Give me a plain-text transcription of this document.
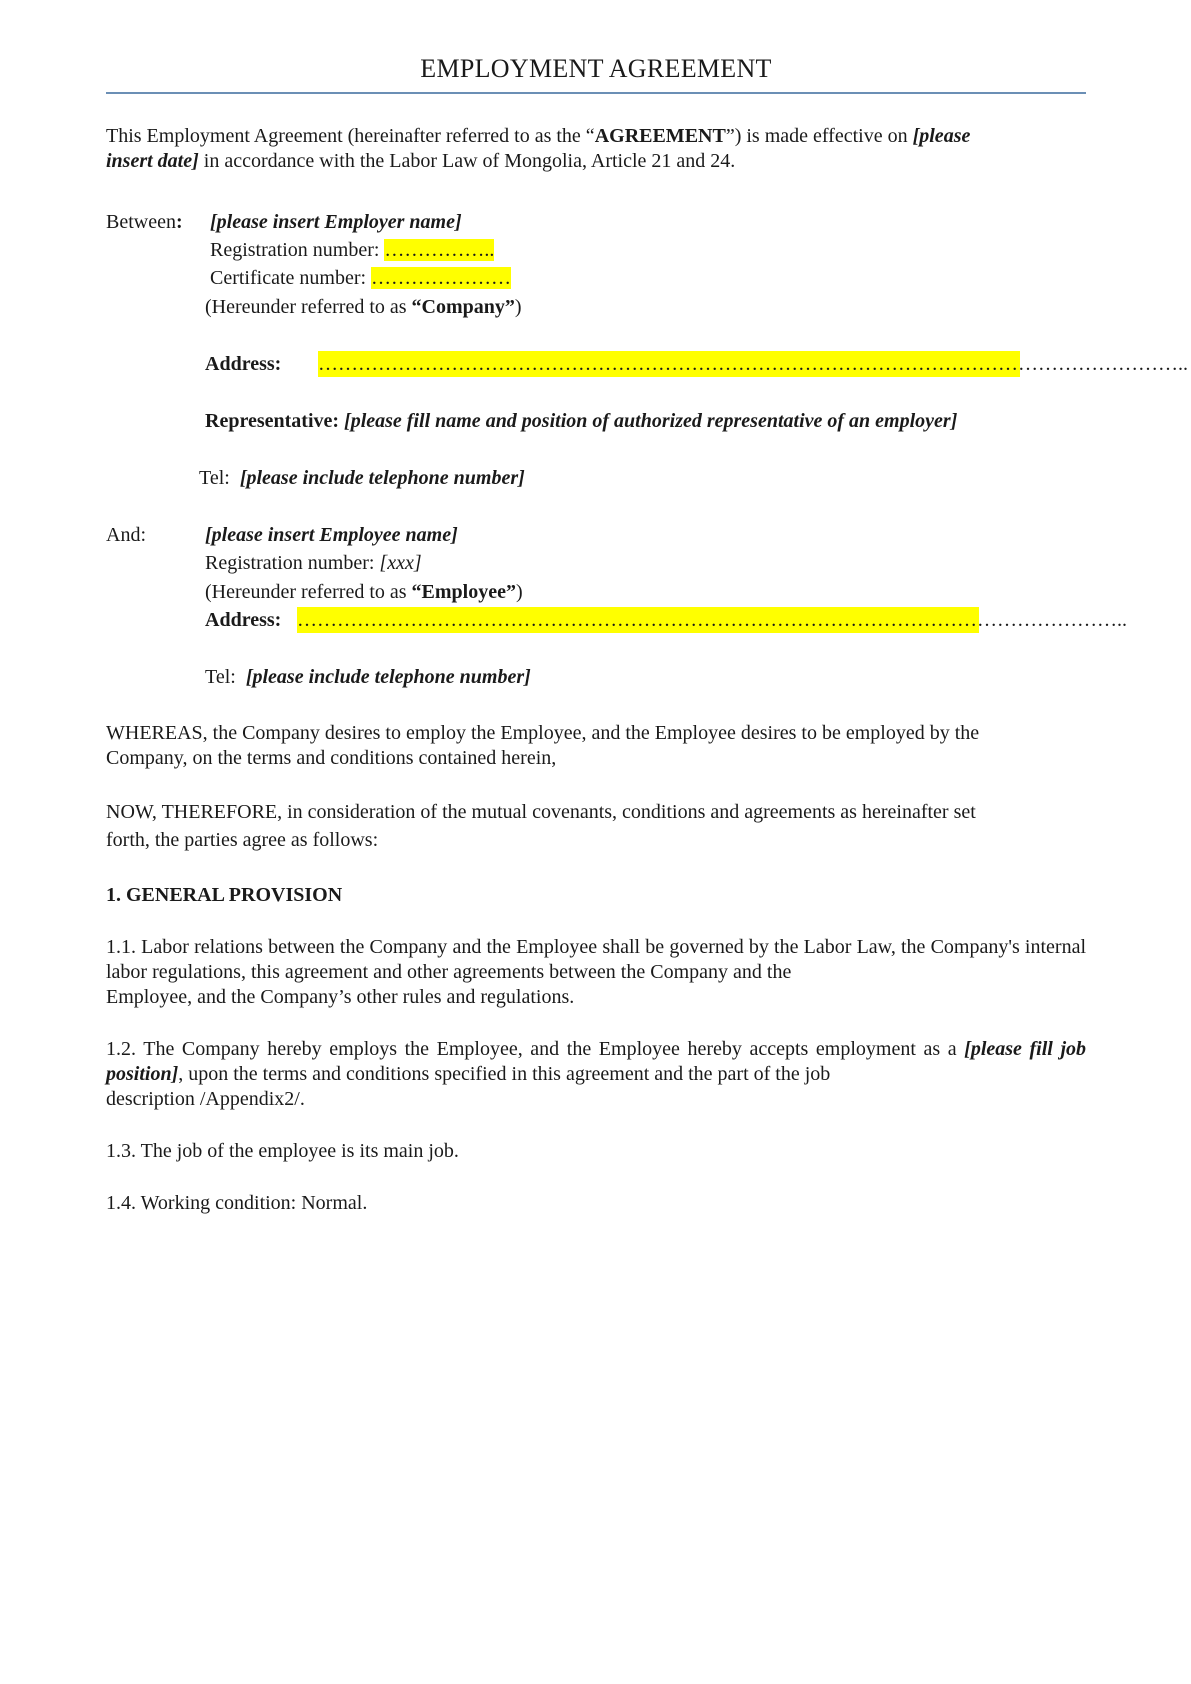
EMPLOYMENT AGREEMENT
This Employment Agreement (hereinafter referred to as the “AGREEMENT”) is made effective on [please
insert date] in accordance with the Labor Law of Mongolia, Article 21 and 24.
Between: [please insert Employer name]
Registration number: ……………..
Certificate number: …………………
(Hereunder referred to as “Company”)
Address: …………………………………………………………………………………………………………………..
Representative: [please fill name and position of authorized representative of an employer]
Tel: [please include telephone number]
And:	[please insert Employee name]
Registration number: [xxx]
(Hereunder referred to as “Employee”)
Address: ……………………………………………………………………………………………………………..
Tel: [please include telephone number]
WHEREAS, the Company desires to employ the Employee, and the Employee desires to be employed by the
Company, on the terms and conditions contained herein,
NOW, THEREFORE, in consideration of the mutual covenants, conditions and agreements as hereinafter set
forth, the parties agree as follows:
1. GENERAL PROVISION
1.1. Labor relations between the Company and the Employee shall be governed by the Labor Law, the Company's internal labor regulations, this agreement and other agreements between the Company and the
Employee, and the Company’s other rules and regulations.
1.2. The Company hereby employs the Employee, and the Employee hereby accepts employment as a [please fill job position], upon the terms and conditions specified in this agreement and the part of the job
description /Appendix2/.
1.3. The job of the employee is its main job.
1.4. Working condition: Normal.
